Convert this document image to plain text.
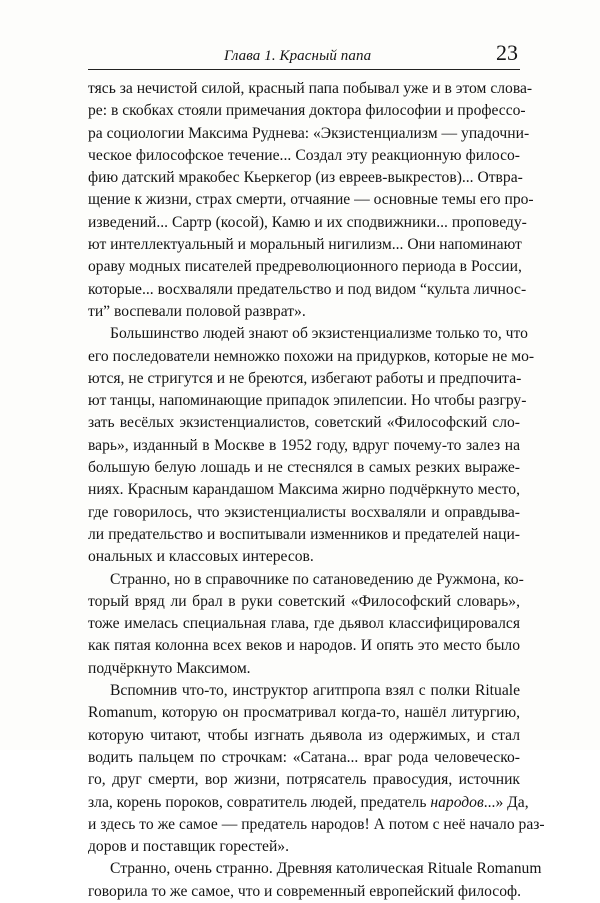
Глава 1. Красный папа	23
тясь за нечистой силой, красный папа побывал уже и в этом слова-
ре: в скобках стояли примечания доктора философии и профессо-
ра социологии Максима Руднева: «Экзистенциализм — упадочни-
ческое философское течение... Создал эту реакционную филосо-
фию датский мракобес Кьеркегор (из евреев-выкрестов)... Отвра-
щение к жизни, страх смерти, отчаяние — основные темы его про-
изведений... Сартр (косой), Камю и их сподвижники... проповеду-
ют интеллектуальный и моральный нигилизм... Они напоминают
ораву модных писателей предреволюционного периода в России,
которые... восхваляли предательство и под видом “культа личнос-
ти” воспевали половой разврат».
Большинство людей знают об экзистенциализме только то, что
его последователи немножко похожи на придурков, которые не мо-
ются, не стригутся и не бреются, избегают работы и предпочита-
ют танцы, напоминающие припадок эпилепсии. Но чтобы разгру-
зать весёлых экзистенциалистов, советский «Философский сло-
варь», изданный в Москве в 1952 году, вдруг почему-то залез на
большую белую лошадь и не стеснялся в самых резких выраже-
ниях. Красным карандашом Максима жирно подчёркнуто место,
где говорилось, что экзистенциалисты восхваляли и оправдыва-
ли предательство и воспитывали изменников и предателей наци-
ональных и классовых интересов.
Странно, но в справочнике по сатановедению де Ружмона, ко-
торый вряд ли брал в руки советский «Философский словарь»,
тоже имелась специальная глава, где дьявол классифицировался
как пятая колонна всех веков и народов. И опять это место было
подчёркнуто Максимом.
Вспомнив что-то, инструктор агитпропа взял с полки Rituale
Romanum, которую он просматривал когда-то, нашёл литургию,
которую читают, чтобы изгнать дьявола из одержимых, и стал
водить пальцем по строчкам: «Сатана... враг рода человеческо-
го, друг смерти, вор жизни, потрясатель правосудия, источник
зла, корень пороков, совратитель людей, предатель народов...» Да,
и здесь то же самое — предатель народов! А потом с неё начало раз-
доров и поставщик горестей».
Странно, очень странно. Древняя католическая Rituale Romanum
говорила то же самое, что и современный европейский философ.
